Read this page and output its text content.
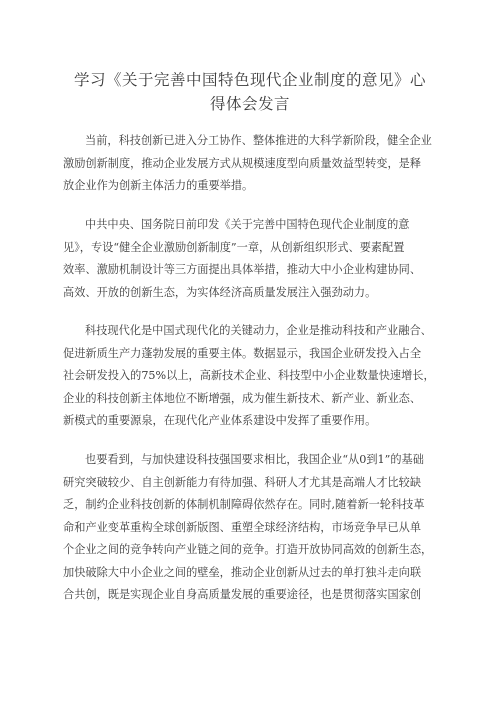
学习《关于完善中国特色现代企业制度的意见》心
得体会发言

当前，科技创新已进入分工协作、整体推进的大科学新阶段，健全企业
激励创新制度，推动企业发展方式从规模速度型向质量效益型转变，是释
放企业作为创新主体活力的重要举措。

中共中央、国务院日前印发《关于完善中国特色现代企业制度的意
见》，专设“健全企业激励创新制度”一章，从创新组织形式、要素配置
效率、激励机制设计等三方面提出具体举措，推动大中小企业构建协同、
高效、开放的创新生态，为实体经济高质量发展注入强劲动力。

科技现代化是中国式现代化的关键动力，企业是推动科技和产业融合、
促进新质生产力蓬勃发展的重要主体。数据显示，我国企业研发投入占全
社会研发投入的75%以上，高新技术企业、科技型中小企业数量快速增长，
企业的科技创新主体地位不断增强，成为催生新技术、新产业、新业态、
新模式的重要源泉，在现代化产业体系建设中发挥了重要作用。

也要看到，与加快建设科技强国要求相比，我国企业“从0到1”的基础
研究突破较少、自主创新能力有待加强、科研人才尤其是高端人才比较缺
乏，制约企业科技创新的体制机制障碍依然存在。同时,随着新一轮科技革
命和产业变革重构全球创新版图、重塑全球经济结构，市场竞争早已从单
个企业之间的竞争转向产业链之间的竞争。打造开放协同高效的创新生态，
加快破除大中小企业之间的壁垒，推动企业创新从过去的单打独斗走向联
合共创，既是实现企业自身高质量发展的重要途径，也是贯彻落实国家创
